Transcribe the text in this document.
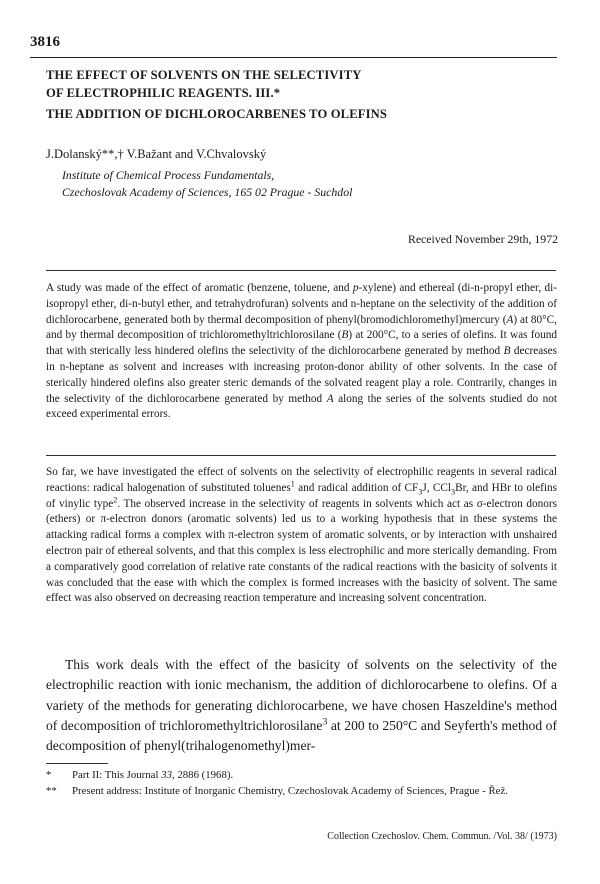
3816
THE EFFECT OF SOLVENTS ON THE SELECTIVITY
OF ELECTROPHILIC REAGENTS. III.*
THE ADDITION OF DICHLOROCARBENES TO OLEFINS
J.Dolanský**,† V.Bažant and V.Chvalovský
Institute of Chemical Process Fundamentals,
Czechoslovak Academy of Sciences, 165 02 Prague - Suchdol
Received November 29th, 1972

A study was made of the effect of aromatic (benzene, toluene, and p-xylene) and ethereal (di-n-propyl ether, di-isopropyl ether, di-n-butyl ether, and tetrahydrofuran) solvents and n-heptane on the selectivity of the addition of dichlorocarbene, generated both by thermal decomposition of phenyl(bromodichloromethyl)mercury (A) at 80°C, and by thermal decomposition of trichloromethyltrichlorosilane (B) at 200°C, to a series of olefins. It was found that with sterically less hindered olefins the selectivity of the dichlorocarbene generated by method B decreases in n-heptane as solvent and increases with increasing proton-donor ability of other solvents. In the case of sterically hindered olefins also greater steric demands of the solvated reagent play a role. Contrarily, changes in the selectivity of the dichlorocarbene generated by method A along the series of the solvents studied do not exceed experimental errors.

So far, we have investigated the effect of solvents on the selectivity of electrophilic reagents in several radical reactions: radical halogenation of substituted toluenes$^1$ and radical addition of $CF_3J$, CCl$_3$Br, and HBr to olefins of vinylic type$^2$. The observed increase in the selectivity of reagents in solvents which act as σ-electron donors (ethers) or π-electron donors (aromatic solvents) led us to a working hypothesis that in these systems the attacking radical forms a complex with π-electron system of aromatic solvents, or by interaction with unshaired electron pair of ethereal solvents, and that this complex is less electrophilic and more sterically demanding. From a comparatively good correlation of relative rate constants of the radical reactions with the basicity of solvents it was concluded that the ease with which the complex is formed increases with the basicity of solvent. The same effect was also observed on decreasing reaction temperature and increasing solvent concentration.

This work deals with the effect of the basicity of solvents on the selectivity of the electrophilic reaction with ionic mechanism, the addition of dichlorocarbene to olefins. Of a variety of the methods for generating dichlorocarbene, we have chosen Haszeldine's method of decomposition of trichloromethyltrichlorosilane$^3$ at 200 to 250°C and Seyferth's method of decomposition of phenyl(trihalogenomethyl)mer-

* Part II: This Journal 33, 2886 (1968).

** Present address: Institute of Inorganic Chemistry, Czechoslovak Academy of Sciences, Prague - Řež.

Collection Czechoslov. Chem. Commun. /Vol. 38/ (1973)
